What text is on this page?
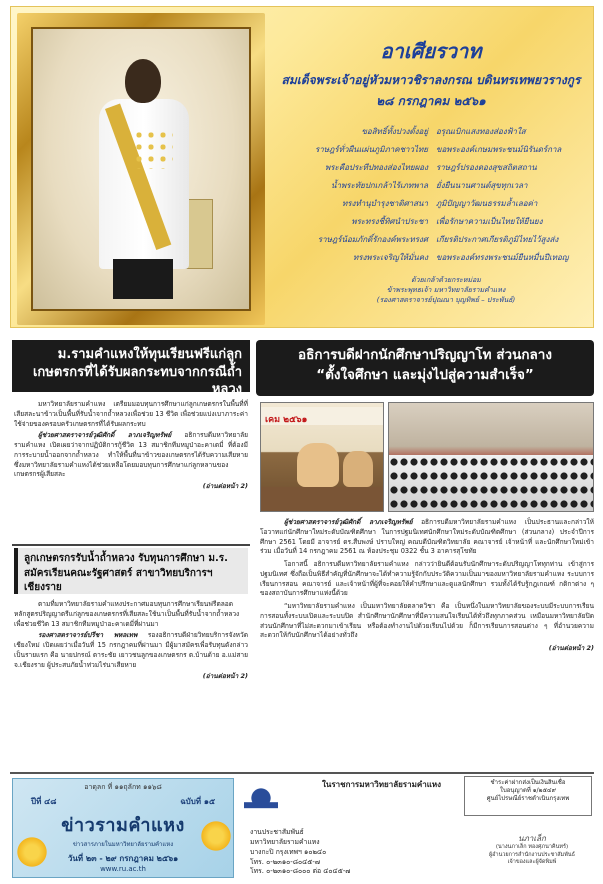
อาเศียรวาท
สมเด็จพระเจ้าอยู่หัวมหาวชิราลงกรณ บดินทรเทพยวรางกูร
๒๘ กรกฎาคม ๒๕๖๑
ขอสิทธิ์ทั้งปวงตั้งอยู่ อรุณเบิกแสงทองส่องฟ้าใส
ราษฎร์ทั่วผืนแผ่นภูมิภาคชาวไทย ขอพระองค์เกษมพระชนม์นิรันดร์กาล
พระคือประทีปทองส่องไทยผอง ราษฎร์ปรองดองสุขสถิตสถาน
น้ำพระทัยปกเกล้าไร้เภทพาล ยั่งยืนนานศานต์สุขทุกเวลา
ทรงทำนุบำรุงชาติศาสนา ภูมิปัญญาวัฒนธรรมล้ำเลอค่า
พระทรงชี้ทิศนำประชา เพื่อรักษาความเป็นไทยให้ยืนยง
ราษฎร์น้อมภักดิ์รักองค์พระทรงศ เกียรติประกาศเกียรติภูมิไทยไว้สูงส่ง
ทรงพระเจริญให้มั่นคง ขอพระองค์ทรงพระชนม์ยืนหมื่นปีเทอญ
ด้วยเกล้าด้วยกระหม่อม
ข้าพระพุทธเจ้า มหาวิทยาลัยรามคำแหง
(รองศาสตราจารย์ปุณณา บุญทิพย์ – ประพันธ์)
ม.รามคำแหงให้ทุนเรียนฟรีแก่ลูกเกษตรกรที่ได้รับผลกระทบจากกรณีถ้ำหลวง

มหาวิทยาลัยรามคำแหง เตรียมมอบทุนการศึกษาแก่ลูกเกษตรกรในพื้นที่ที่เสียสละนาข้าวเป็นพื้นที่รับน้ำจากถ้ำหลวงเพื่อช่วย 13 ชีวิต เพื่อช่วยแบ่งเบาภาระค่าใช้จ่ายของครอบครัวเกษตรกรที่ได้รับผลกระทบ

ผู้ช่วยศาสตราจารย์วุฒิศักดิ์ ลาภเจริญทรัพย์ อธิการบดีมหาวิทยาลัยรามคำแหง เปิดเผยว่าจากปฏิบัติการกู้ชีวิต 13 สมาชิกทีมหมูป่าอะคาเดมี่ ที่ต้องมีการระบายน้ำออกจากถ้ำหลวง ทำให้พื้นที่นาข้าวของเกษตรกรได้รับความเสียหาย ซึ่งมหาวิทยาลัยรามคำแหงได้ช่วยเหลือโดยมอบทุนการศึกษาแก่ลูกหลานของเกษตรกรผู้เสียสละ

(อ่านต่อหน้า 2)
ลูกเกษตรกรรับน้ำถ้ำหลวง รับทุนการศึกษา ม.ร. สมัครเรียนคณะรัฐศาสตร์ สาขาวิทยบริการฯ เชียงราย

ตามที่มหาวิทยาลัยรามคำแหงประกาศมอบทุนการศึกษาเรียนฟรีตลอดหลักสูตรปริญญาตรีแก่ลูกของเกษตรกรที่เสียสละใช้นาเป็นพื้นที่รับน้ำจากถ้ำหลวง เพื่อช่วยชีวิต 13 สมาชิกทีมหมูป่าอะคาเดมี่ที่ผ่านมา

รองศาสตราจารย์ปรีชา พหลเทพ รองอธิการบดีฝ่ายวิทยบริการจังหวัดเชียงใหม่ เปิดเผยว่าเมื่อวันที่ 15 กรกฎาคมที่ผ่านมา มีผู้มาสมัครเพื่อรับทุนดังกล่าวเป็นรายแรก คือ นายปกรณ์ ตาระชัย เยาวชนลูกของเกษตรกร ต.บ้านด้าย อ.แม่สาย จ.เชียงราย ผู้ประสบภัยน้ำท่วมไร่นาเสียหาย

(อ่านต่อหน้า 2)
อธิการบดีฝากนักศึกษาปริญญาโท ส่วนกลาง
“ตั้งใจศึกษา และมุ่งไปสู่ความสำเร็จ”
เคม ๒๕๖๑

ผู้ช่วยศาสตราจารย์วุฒิศักดิ์ ลาภเจริญทรัพย์ อธิการบดีมหาวิทยาลัยรามคำแหง เป็นประธานและกล่าวให้โอวาทแก่นักศึกษาใหม่ระดับบัณฑิตศึกษา ในการปฐมนิเทศนักศึกษาใหม่ระดับบัณฑิตศึกษา (ส่วนกลาง) ประจำปีการศึกษา 2561 โดยมี อาจารย์ ดร.สืบพงษ์ ปราบใหญ่ คณบดีบัณฑิตวิทยาลัย คณาจารย์ เจ้าหน้าที่ และนักศึกษาใหม่เข้าร่วม เมื่อวันที่ 14 กรกฎาคม 2561 ณ ห้องประชุม 0322 ชั้น 3 อาคารสุโขทัย

โอกาสนี้ อธิการบดีมหาวิทยาลัยรามคำแหง กล่าวว่ายินดีต้อนรับนักศึกษาระดับปริญญาโททุกท่าน เข้าสู่การปฐมนิเทศ ซึ่งถือเป็นพิธีสำคัญที่นักศึกษาจะได้ทำความรู้จักกับประวัติความเป็นมาของมหาวิทยาลัยรามคำแหง ระบบการเรียนการสอน คณาจารย์ และเจ้าหน้าที่ผู้ที่จะคอยให้คำปรึกษาและดูแลนักศึกษา รวมทั้งได้รับรู้กฎเกณฑ์ กติกาต่าง ๆ ของสถาบันการศึกษาแห่งนี้ด้วย

“มหาวิทยาลัยรามคำแหง เป็นมหาวิทยาลัยตลาดวิชา คือ เป็นหนึ่งในมหาวิทยาลัยของระบบมีระบบการเรียนการสอนทั้งระบบเปิดและระบบปิด สำนักศึกษานักศึกษาที่มีความสนใจเรียนได้ทั่วถึงทุกภาคส่วน เหมือนมหาวิทยาลัยปิด ส่วนนักศึกษาที่ไม่สะดวกมาเข้าเรียน หรือต้องทำงานไปด้วยเรียนไปด้วย ก็มีการเรียนการสอนต่าง ๆ ที่อำนวยความสะดวกให้กับนักศึกษาได้อย่างทั่วถึง

(อ่านต่อหน้า 2)
อาดุลก ที่ ๑๑ถุลักท ๑๑๖๘
ปีที่ ๔๘	ฉบับที่ ๑๕
ข่าวรามคำแหง
ข่าวสารภายในมหาวิทยาลัยรามคำแหง
วันที่ ๒๓ - ๒๙ กรกฎาคม ๒๕๖๑
www.ru.ac.th
ในราชการมหาวิทยาลัยรามคำแหง
งานประชาสัมพันธ์
มหาวิทยาลัยรามคำแหง
บางกะปิ กรุงเทพฯ ๑๐๒๔๐
โทร. ๐-๒๓๑๐-๘๐๔๕-๗
โทร. ๐-๒๓๑๐-๘๐๐๐ ต่อ ๔๐๔๕-๗
ชำระค่าฝากส่งเป็นเงินสินเชื่อ
ใบอนุญาตที่ ๑/๒๕๔๙
ศูนย์ไปรษณีย์ราชดำเนินกรุงเทพ
นภาเล็ก
(นางนภาเล็ก ทองศุภนาคินทร์)
ผู้อำนวยการสำนักงานประชาสัมพันธ์
เจ้าของและผู้จัดพิมพ์
